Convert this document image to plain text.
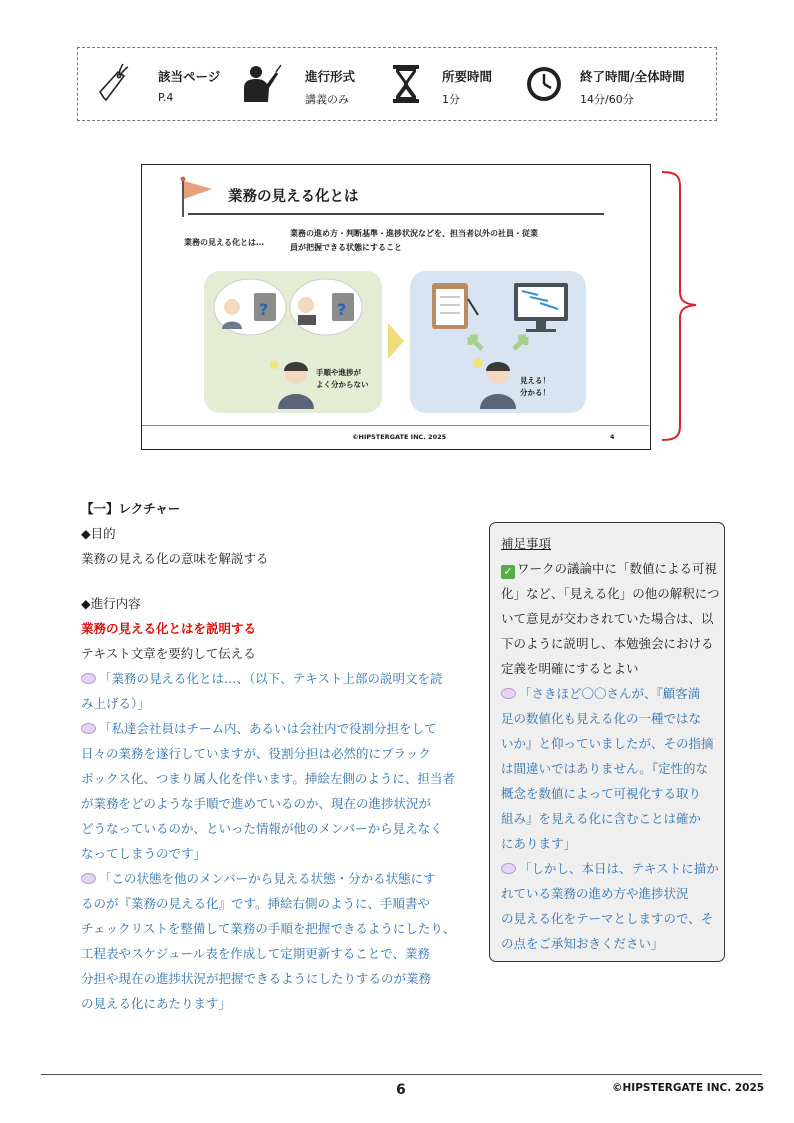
該当ページ
P.4
進行形式
講義のみ
所要時間
1分
終了時間/全体時間
14分/60分
業務の見える化とは
業務の見える化とは…
業務の進め方・判断基準・進捗状況などを、担当者以外の社員・従業
員が把握できる状態にすること
?	?
手順や進捗が
よく分からない	見える！
分かる！
©HIPSTERGATE INC. 2025	4
【一】レクチャー
◆目的
業務の見える化の意味を解説する
◆進行内容
業務の見える化とはを説明する
テキスト文章を要約して伝える
「業務の見える化とは…、（以下、テキスト上部の説明文を読
み上げる）」
「私達会社員はチーム内、あるいは会社内で役割分担をして
日々の業務を遂行していますが、役割分担は必然的にブラック
ボックス化、つまり属人化を伴います。挿絵左側のように、担当者
が業務をどのような手順で進めているのか、現在の進捗状況が
どうなっているのか、といった情報が他のメンバーから見えなく
なってしまうのです」
「この状態を他のメンバーから見える状態・分かる状態にす
るのが『業務の見える化』です。挿絵右側のように、手順書や
チェックリストを整備して業務の手順を把握できるようにしたり、
工程表やスケジュール表を作成して定期更新することで、業務
分担や現在の進捗状況が把握できるようにしたりするのが業務
の見える化にあたります」
補足事項
✓ ワークの議論中に「数値による可視
化」など、「見える化」の他の解釈につ
いて意見が交わされていた場合は、以
下のように説明し、本勉強会における
定義を明確にするとよい
「さきほど〇〇さんが、『顧客満
足の数値化も見える化の一種ではな
いか』と仰っていましたが、その指摘
は間違いではありません。『定性的な
概念を数値によって可視化する取り
組み』を見える化に含むことは確か
にあります」
「しかし、本日は、テキストに描か
れている業務の進め方や進捗状況
の見える化をテーマとしますので、そ
の点をご承知おきください」
6	©HIPSTERGATE INC. 2025
